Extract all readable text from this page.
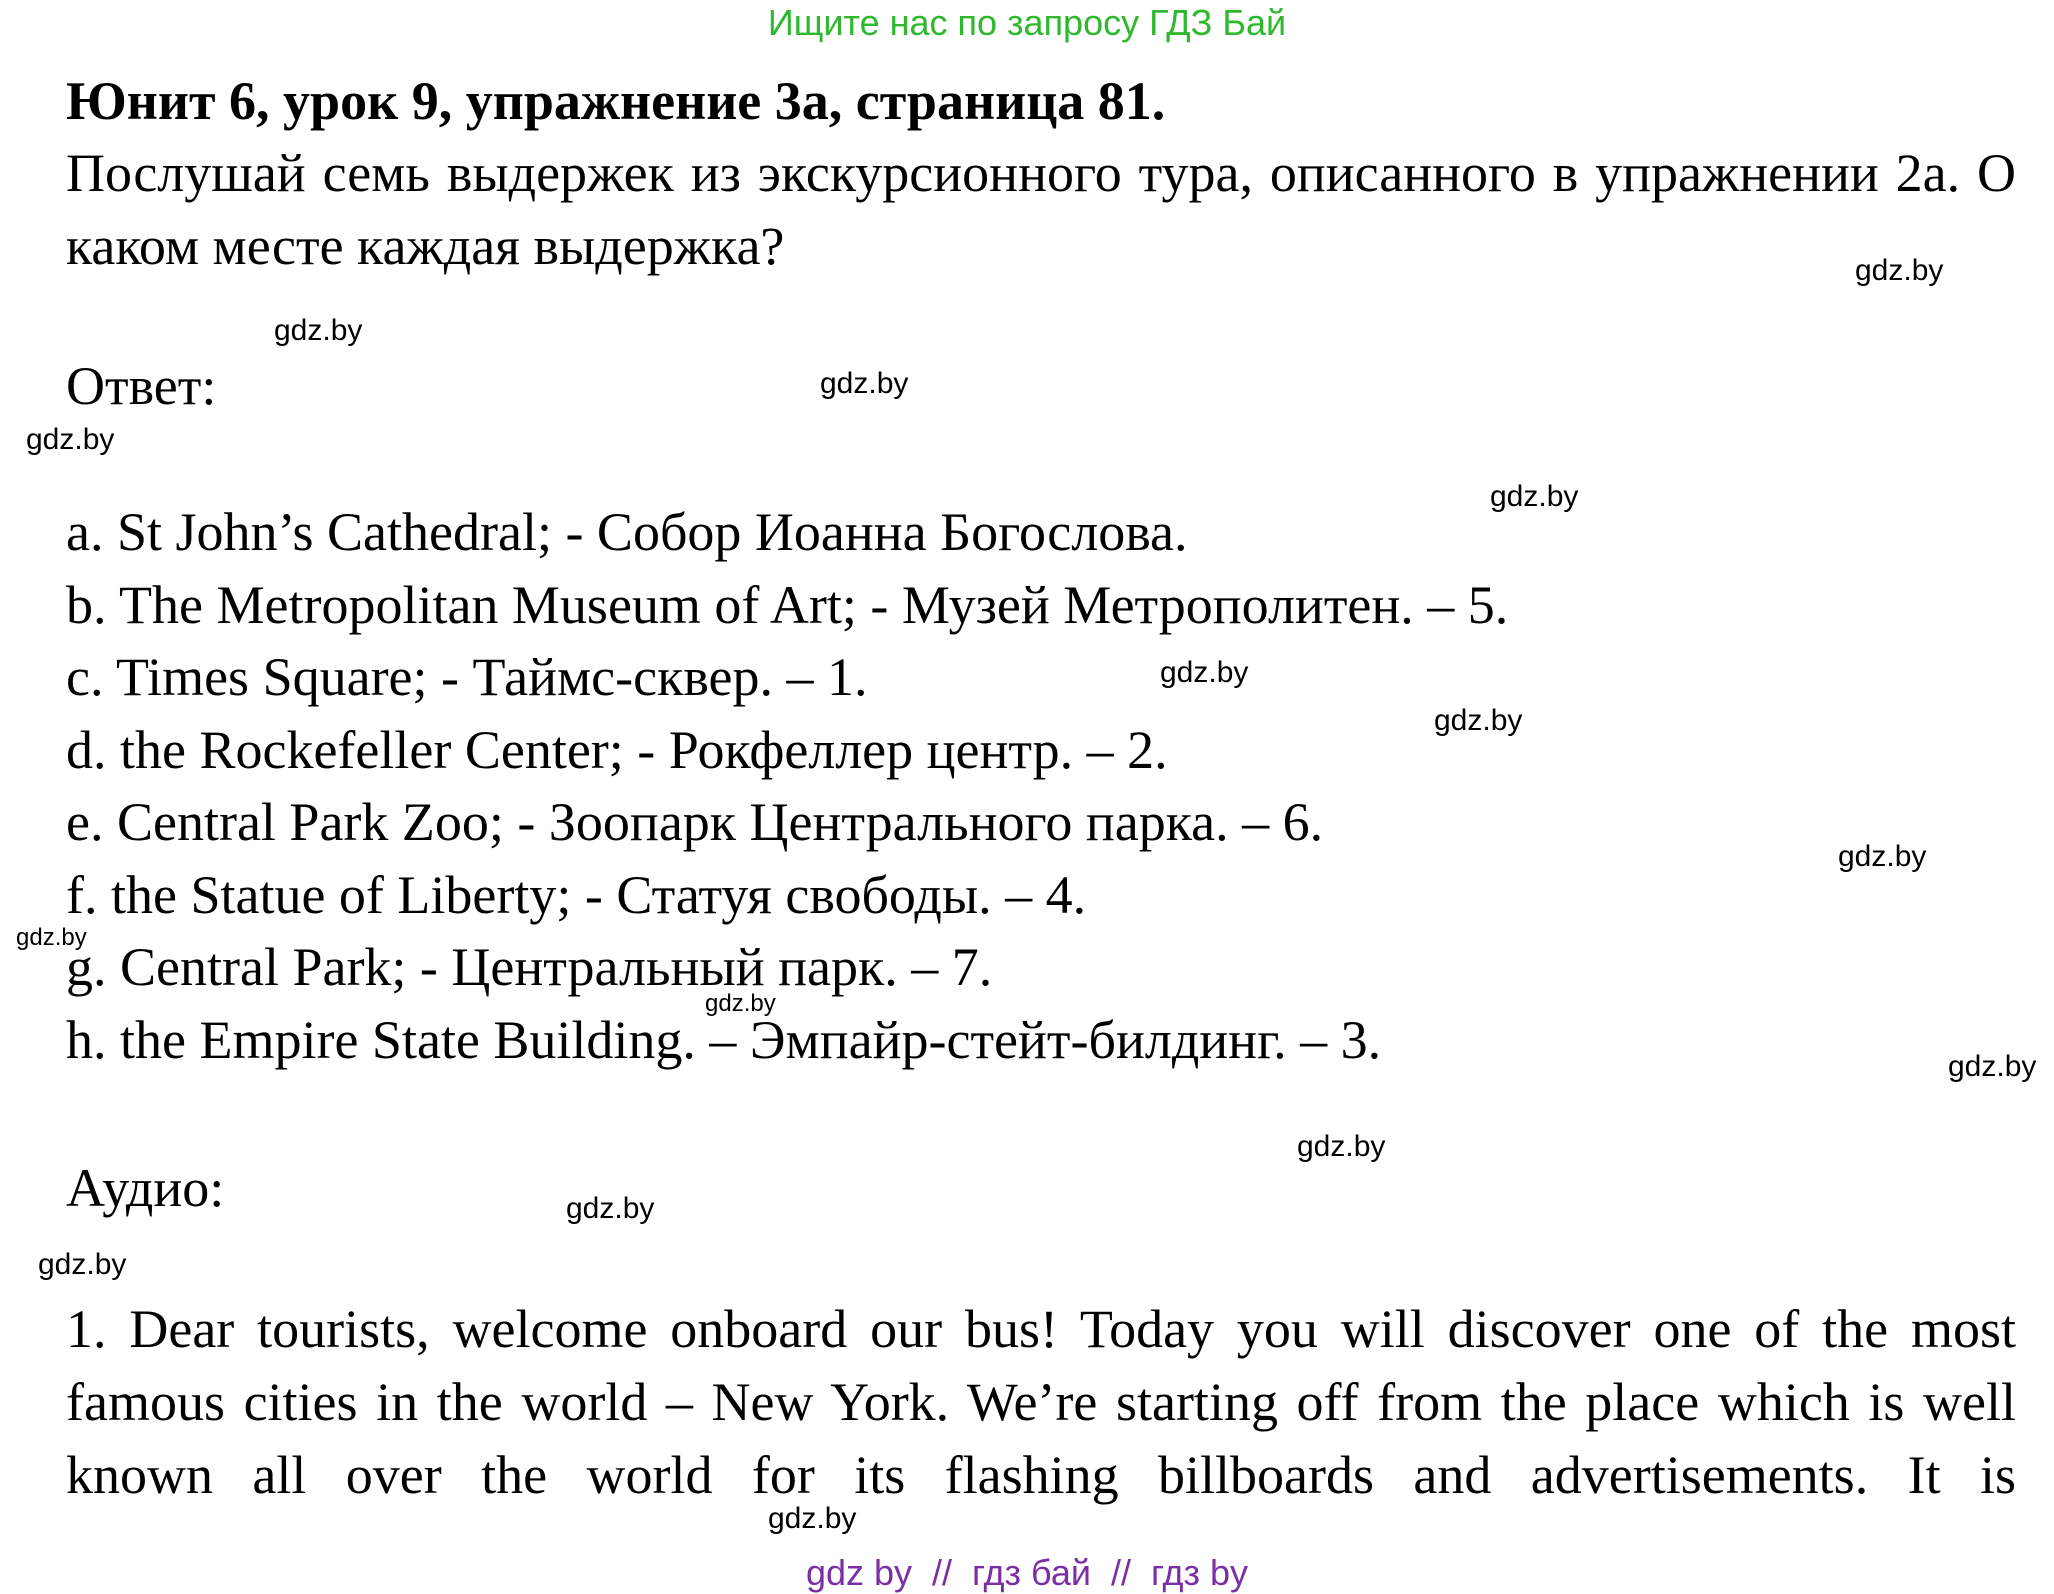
Ищите нас по запросу ГДЗ Бай
Юнит 6, урок 9, упражнение 3а, страница 81.
Послушай семь выдержек из экскурсионного тура, описанного в упражнении 2а. О каком месте каждая выдержка?
Ответ:
a. St John’s Cathedral; - Собор Иоанна Богослова.
b. The Metropolitan Museum of Art; - Музей Метрополитен. – 5.
c. Times Square; - Таймс-сквер. – 1.
d. the Rockefeller Center; - Рокфеллер центр. – 2.
e. Central Park Zoo; - Зоопарк Центрального парка. – 6.
f. the Statue of Liberty; - Статуя свободы. – 4.
g. Central Park; - Центральный парк. – 7.
h. the Empire State Building. – Эмпайр-стейт-билдинг. – 3.
Аудио:
1. Dear tourists, welcome onboard our bus! Today you will discover one of the most famous cities in the world – New York. We’re starting off from the place which is well known all over the world for its flashing billboards and advertisements. It is
gdz.by
gdz.by
gdz.by
gdz.by
gdz.by
gdz.by
gdz.by
gdz.by
gdz.by
gdz.by
gdz.by
gdz.by
gdz.by
gdz.by
gdz.by
gdz by  //  гдз бай  //  гдз by
